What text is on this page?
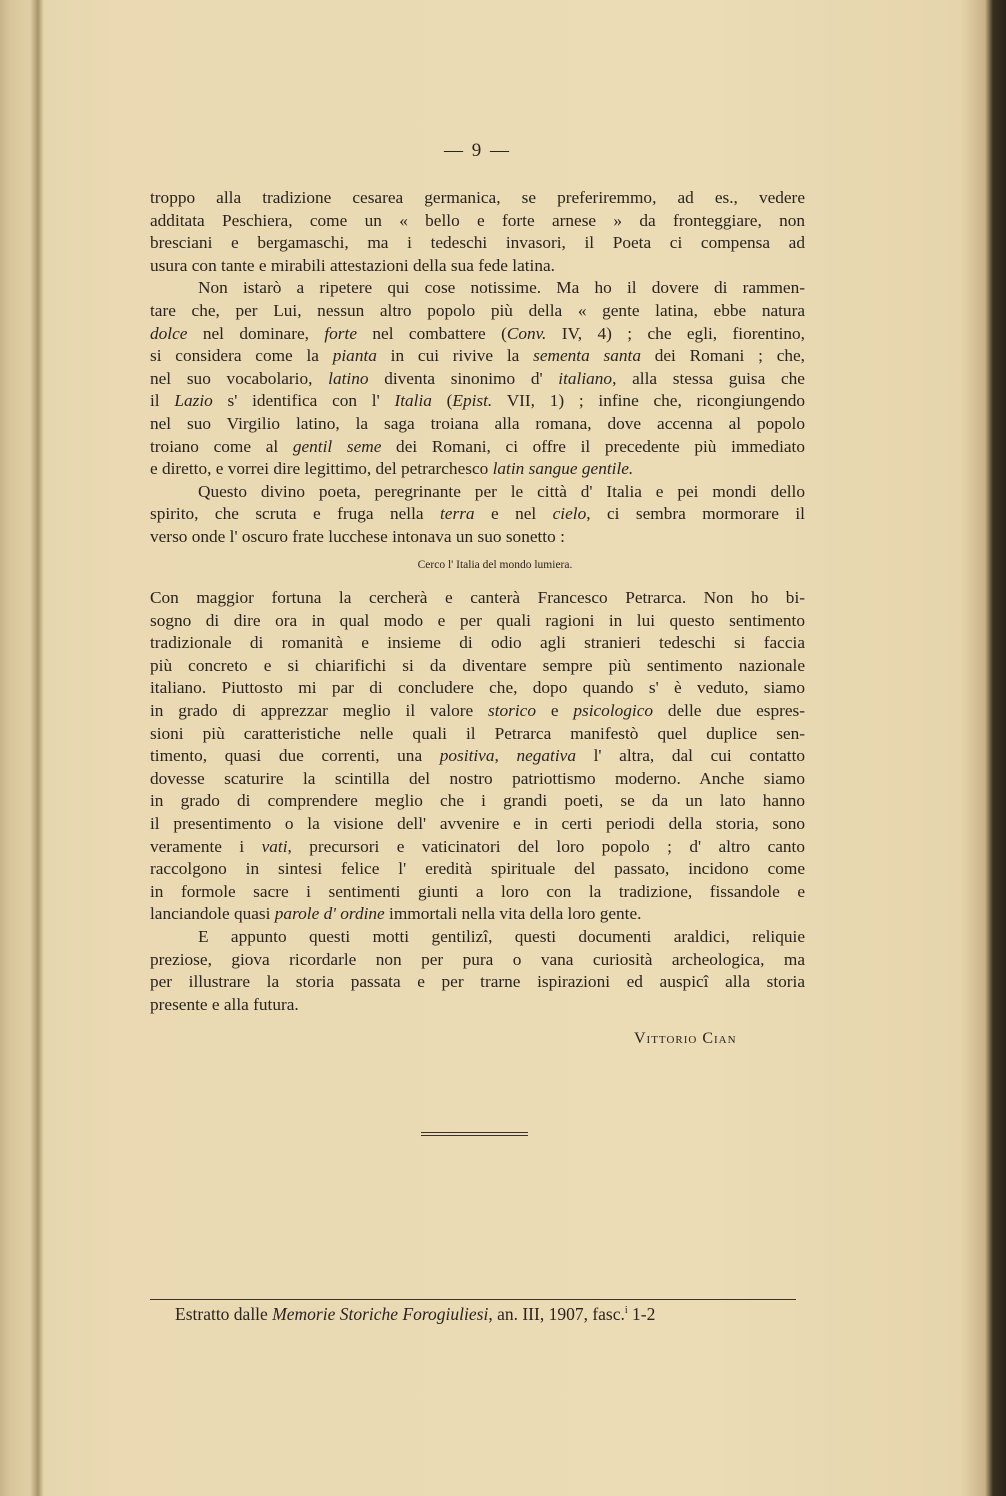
— 9 —
troppo alla tradizione cesarea germanica, se preferiremmo, ad es., vedere
additata Peschiera, come un « bello e forte arnese » da fronteggiare, non
bresciani e bergamaschi, ma i tedeschi invasori, il Poeta ci compensa ad
usura con tante e mirabili attestazioni della sua fede latina.
Non istarò a ripetere qui cose notissime. Ma ho il dovere di rammen-
tare che, per Lui, nessun altro popolo più della « gente latina, ebbe natura
dolce nel dominare, forte nel combattere (Conv. IV, 4) ; che egli, fiorentino,
si considera come la pianta in cui rivive la sementa santa dei Romani ; che,
nel suo vocabolario, latino diventa sinonimo d' italiano, alla stessa guisa che
il Lazio s' identifica con l' Italia (Epist. VII, 1) ; infine che, ricongiungendo
nel suo Virgilio latino, la saga troiana alla romana, dove accenna al popolo
troiano come al gentil seme dei Romani, ci offre il precedente più immediato
e diretto, e vorrei dire legittimo, del petrarchesco latin sangue gentile.
Questo divino poeta, peregrinante per le città d' Italia e pei mondi dello
spirito, che scruta e fruga nella terra e nel cielo, ci sembra mormorare il
verso onde l' oscuro frate lucchese intonava un suo sonetto :
Cerco l' Italia del mondo lumiera.
Con maggior fortuna la cercherà e canterà Francesco Petrarca. Non ho bi-
sogno di dire ora in qual modo e per quali ragioni in lui questo sentimento
tradizionale di romanità e insieme di odio agli stranieri tedeschi si faccia
più concreto e si chiarifichi si da diventare sempre più sentimento nazionale
italiano. Piuttosto mi par di concludere che, dopo quando s' è veduto, siamo
in grado di apprezzar meglio il valore storico e psicologico delle due espres-
sioni più caratteristiche nelle quali il Petrarca manifestò quel duplice sen-
timento, quasi due correnti, una positiva, negativa l' altra, dal cui contatto
dovesse scaturire la scintilla del nostro patriottismo moderno. Anche siamo
in grado di comprendere meglio che i grandi poeti, se da un lato hanno
il presentimento o la visione dell' avvenire e in certi periodi della storia, sono
veramente i vati, precursori e vaticinatori del loro popolo ; d' altro canto
raccolgono in sintesi felice l' eredità spirituale del passato, incidono come
in formole sacre i sentimenti giunti a loro con la tradizione, fissandole e
lanciandole quasi parole d' ordine immortali nella vita della loro gente.
E appunto questi motti gentilizî, questi documenti araldici, reliquie
preziose, giova ricordarle non per pura o vana curiosità archeologica, ma
per illustrare la storia passata e per trarne ispirazioni ed auspicî alla storia
presente e alla futura.
Vittorio Cian
Estratto dalle Memorie Storiche Forogiuliesi, an. III, 1907, fasc.$^i$ 1-2
